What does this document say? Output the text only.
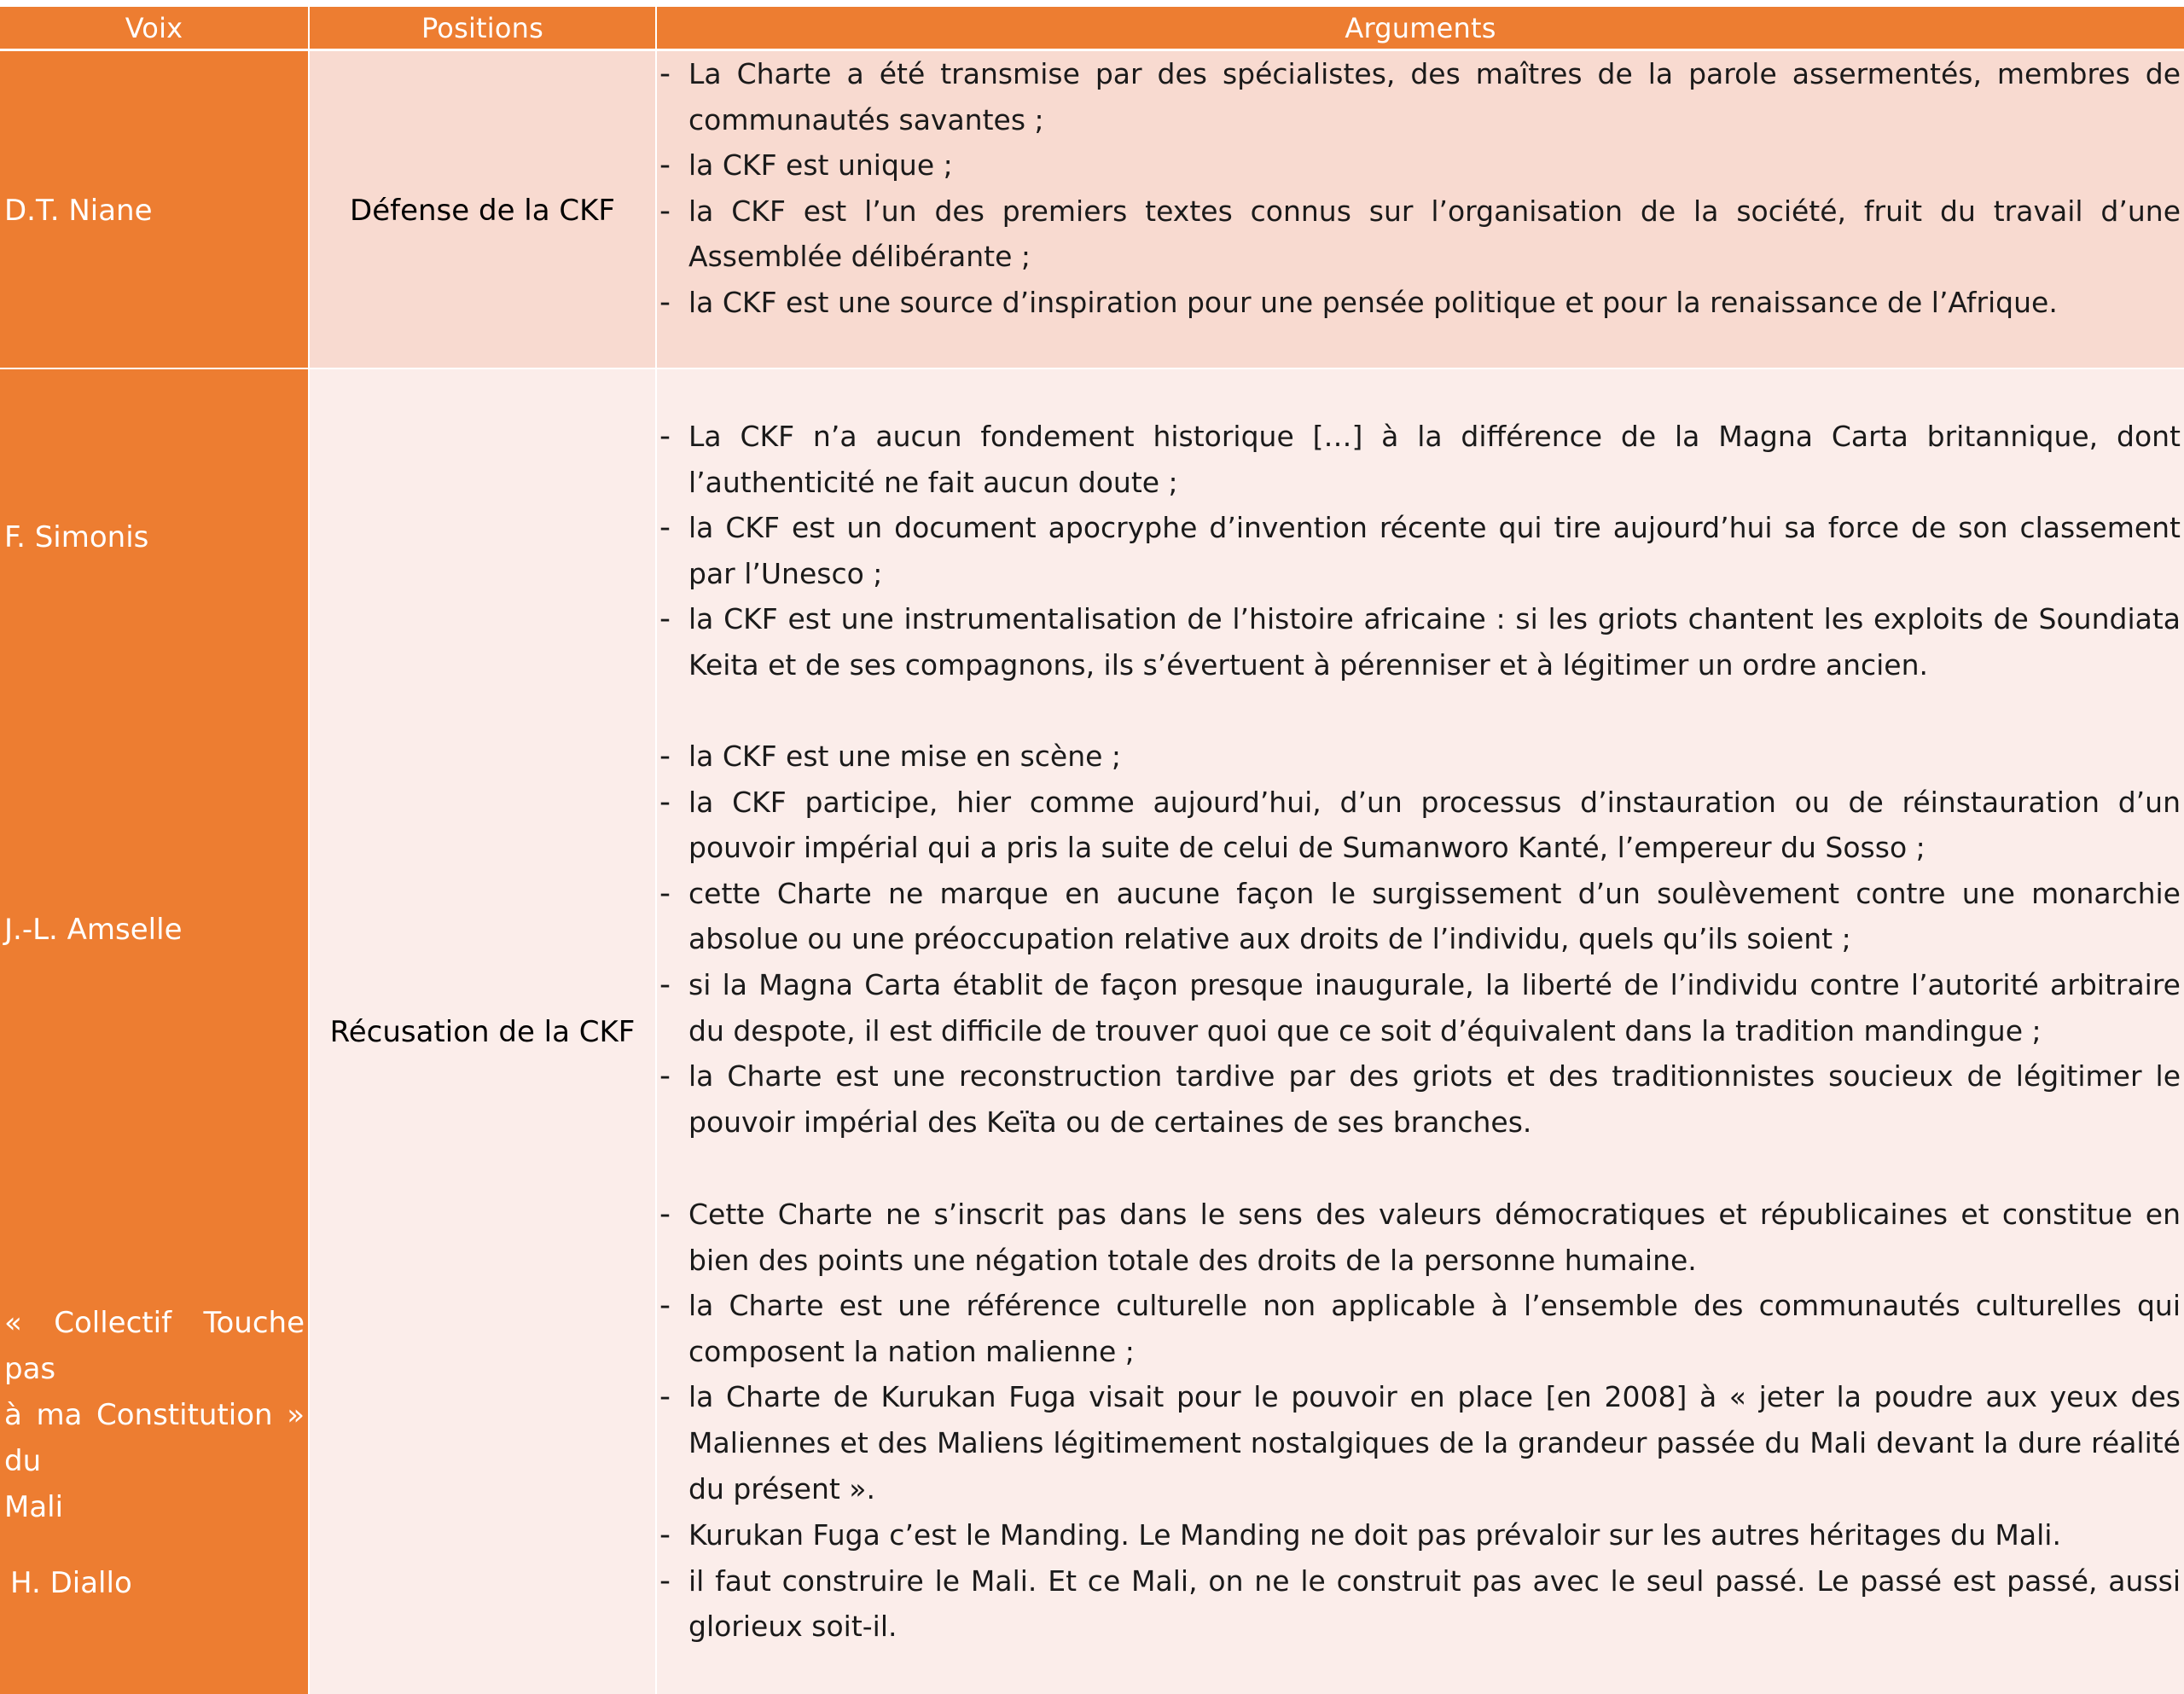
Voix	Positions	Arguments
D.T. Niane
F. Simonis
J.-L. Amselle
« Collectif Touche pas
à ma Constitution » du
Mali
H. Diallo
Défense de la CKF
Récusation de la CKF
- La Charte a été transmise par des spécialistes, des maîtres de la parole assermentés, membres de communautés savantes ;
- la CKF est unique ;
- la CKF est l’un des premiers textes connus sur l’organisation de la société, fruit du travail d’une Assemblée délibérante ;
- la CKF est une source d’inspiration pour une pensée politique et pour la renaissance de l’Afrique.
- La CKF n’a aucun fondement historique […] à la différence de la Magna Carta britannique, dont l’authenticité ne fait aucun doute ;
- la CKF est un document apocryphe d’invention récente qui tire aujourd’hui sa force de son classement par l’Unesco ;
- la CKF est une instrumentalisation de l’histoire africaine : si les griots chantent les exploits de Soundiata Keita et de ses compagnons, ils s’évertuent à pérenniser et à légitimer un ordre ancien.
- la CKF est une mise en scène ;
- la CKF participe, hier comme aujourd’hui, d’un processus d’instauration ou de réinstauration d’un pouvoir impérial qui a pris la suite de celui de Sumanworo Kanté, l’empereur du Sosso ;
- cette Charte ne marque en aucune façon le surgissement d’un soulèvement contre une monarchie absolue ou une préoccupation relative aux droits de l’individu, quels qu’ils soient ;
- si la Magna Carta établit de façon presque inaugurale, la liberté de l’individu contre l’autorité arbitraire du despote, il est difficile de trouver quoi que ce soit d’équivalent dans la tradition mandingue ;
- la Charte est une reconstruction tardive par des griots et des traditionnistes soucieux de légitimer le pouvoir impérial des Keïta ou de certaines de ses branches.
- Cette Charte ne s’inscrit pas dans le sens des valeurs démocratiques et républicaines et constitue en bien des points une négation totale des droits de la personne humaine.
- la Charte est une référence culturelle non applicable à l’ensemble des communautés culturelles qui composent la nation malienne ;
- la Charte de Kurukan Fuga visait pour le pouvoir en place [en 2008] à « jeter la poudre aux yeux des Maliennes et des Maliens légitimement nostalgiques de la grandeur passée du Mali devant la dure réalité du présent ».
- Kurukan Fuga c’est le Manding. Le Manding ne doit pas prévaloir sur les autres héritages du Mali.
- il faut construire le Mali. Et ce Mali, on ne le construit pas avec le seul passé. Le passé est passé, aussi glorieux soit-il.
